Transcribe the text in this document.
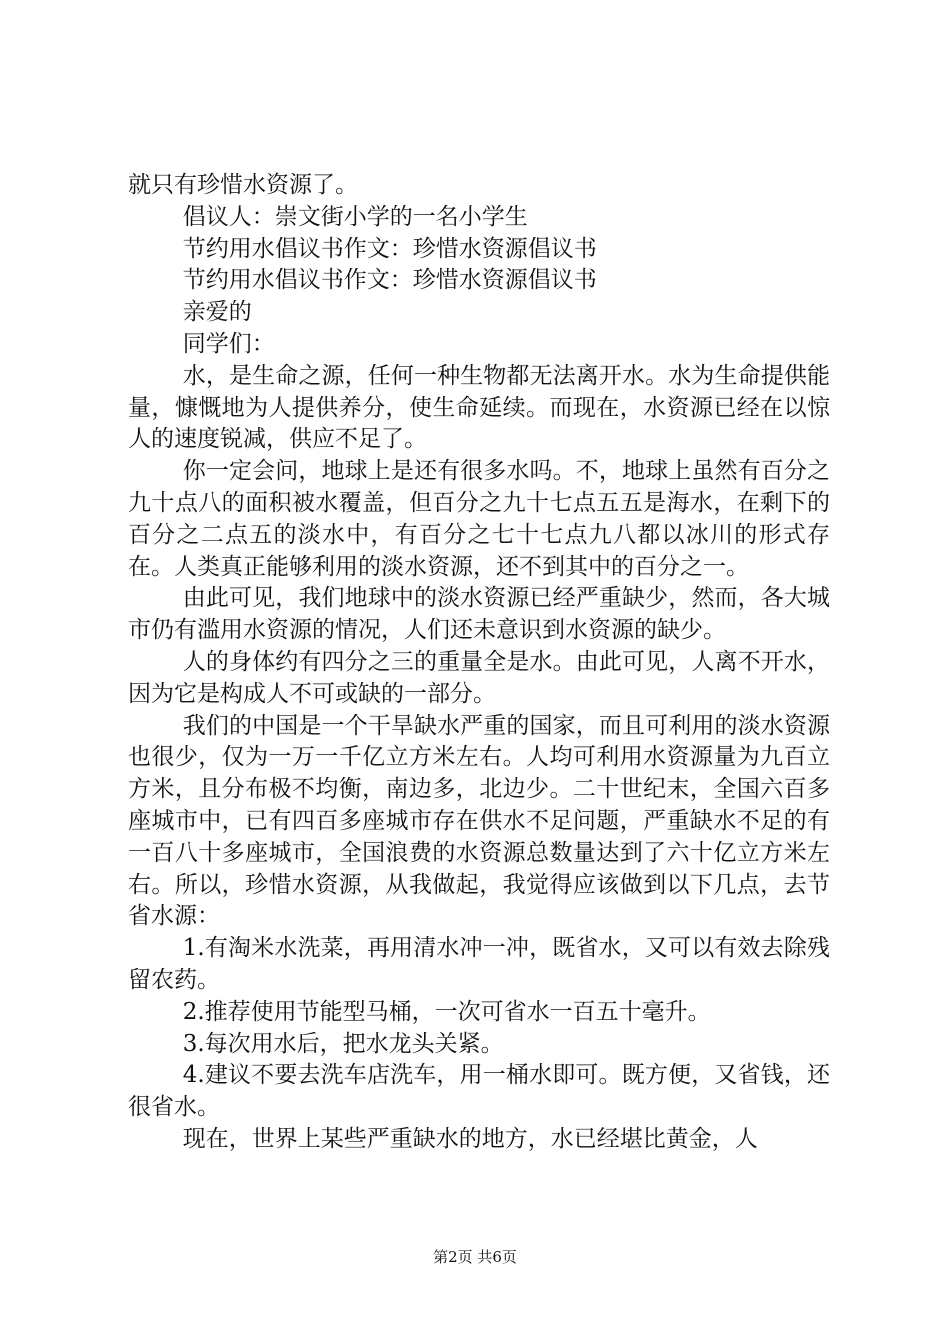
就只有珍惜水资源了。

倡议人：崇文街小学的一名小学生

节约用水倡议书作文：珍惜水资源倡议书

节约用水倡议书作文：珍惜水资源倡议书

亲爱的

同学们：

水，是生命之源，任何一种生物都无法离开水。水为生命提供能量，慷慨地为人提供养分，使生命延续。而现在，水资源已经在以惊人的速度锐减，供应不足了。

你一定会问，地球上是还有很多水吗。不，地球上虽然有百分之九十点八的面积被水覆盖，但百分之九十七点五五是海水，在剩下的百分之二点五的淡水中，有百分之七十七点九八都以冰川的形式存在。人类真正能够利用的淡水资源，还不到其中的百分之一。

由此可见，我们地球中的淡水资源已经严重缺少，然而，各大城市仍有滥用水资源的情况，人们还未意识到水资源的缺少。

人的身体约有四分之三的重量全是水。由此可见，人离不开水，因为它是构成人不可或缺的一部分。

我们的中国是一个干旱缺水严重的国家，而且可利用的淡水资源也很少，仅为一万一千亿立方米左右。人均可利用水资源量为九百立方米，且分布极不均衡，南边多，北边少。二十世纪末，全国六百多座城市中，已有四百多座城市存在供水不足问题，严重缺水不足的有一百八十多座城市，全国浪费的水资源总数量达到了六十亿立方米左右。所以，珍惜水资源，从我做起，我觉得应该做到以下几点，去节省水源：

1.有淘米水洗菜，再用清水冲一冲，既省水，又可以有效去除残留农药。

2.推荐使用节能型马桶，一次可省水一百五十毫升。

3.每次用水后，把水龙头关紧。

4.建议不要去洗车店洗车，用一桶水即可。既方便，又省钱，还很省水。

现在，世界上某些严重缺水的地方，水已经堪比黄金，人

第2页 共6页
